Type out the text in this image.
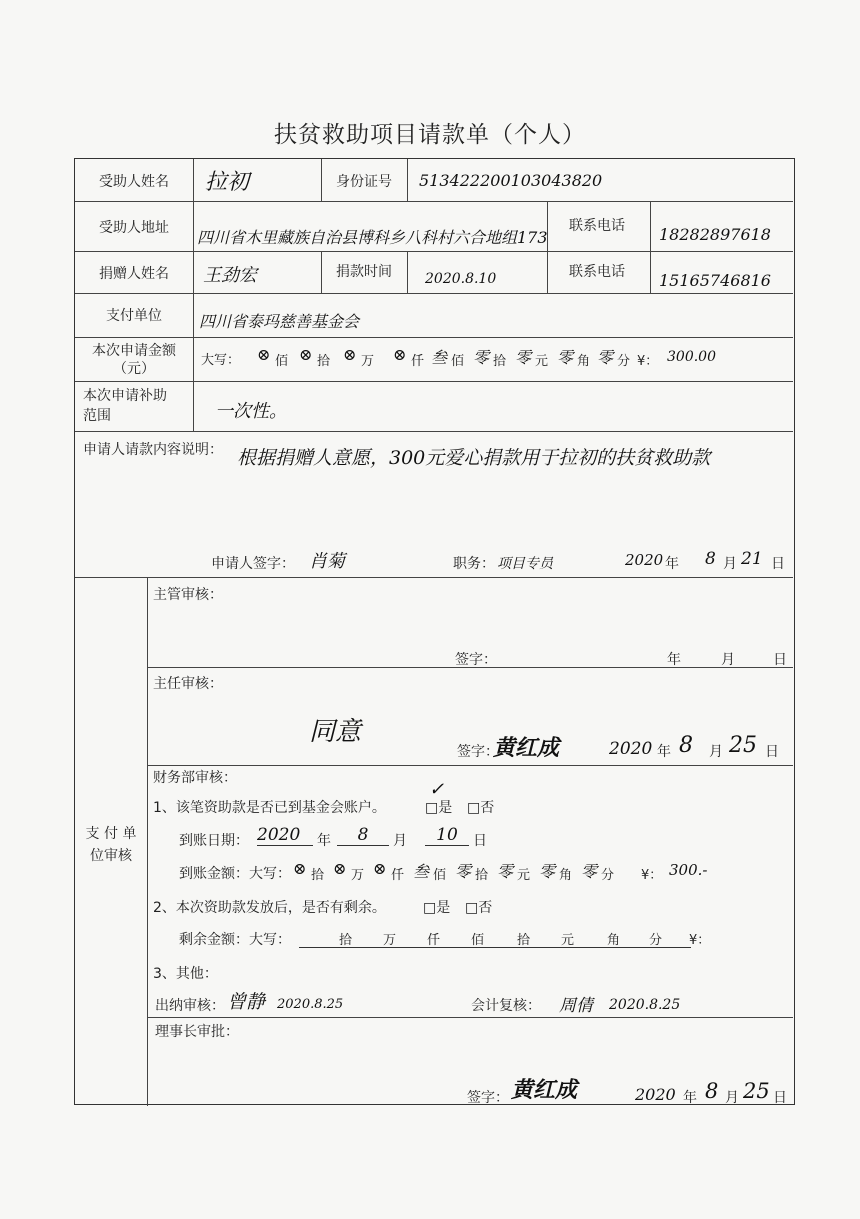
扶贫救助项目请款单（个人）
受助人姓名	拉初	身份证号	513422200103043820
受助人地址	四川省木里藏族自治县博科乡八科村六合地组173
联系电话 18282897618
捐赠人姓名	王劲宏	捐款时间	2020.8.10	联系电话 15165746816
支付单位	四川省泰玛慈善基金会
本次申请金额
（元）
大写： ⊗ 佰 ⊗ 拾 ⊗ 万 ⊗ 仟 叁 佰 零 拾 零 元 零 角 零 分 ¥： 300.00
本次申请补助
范围	一次性。
申请人请款内容说明： 根据捐赠人意愿，300元爱心捐款用于拉初的扶贫救助款
申请人签字： 肖菊	职务： 项目专员	2020 年 8 月 21 日
支 付 单
位审核
主管审核：
签字：	年	月	日
主任审核：
同意
签字：
黄红成	2020 年 8 月 25 日
财务部审核：
1、该笔资助款是否已到基金会账户。	□是
✓
□否
到账日期： 2020	年	8	月	10	日
到账金额：大写： ⊗ 拾 ⊗ 万 ⊗ 仟 叁 佰 零 拾 零 元 零 角 零 分 ¥： 300.-
2、本次资助款发放后，是否有剩余。	□是 □否
剩余金额：大写：	拾 万 仟 佰	拾 元	角 分 ¥：
3、其他：
出纳审核： 曾静 2020.8.25	会计复核： 周倩 2020.8.25
理事长审批：
签字： 黄红成	2020 年 8 月 25 日
